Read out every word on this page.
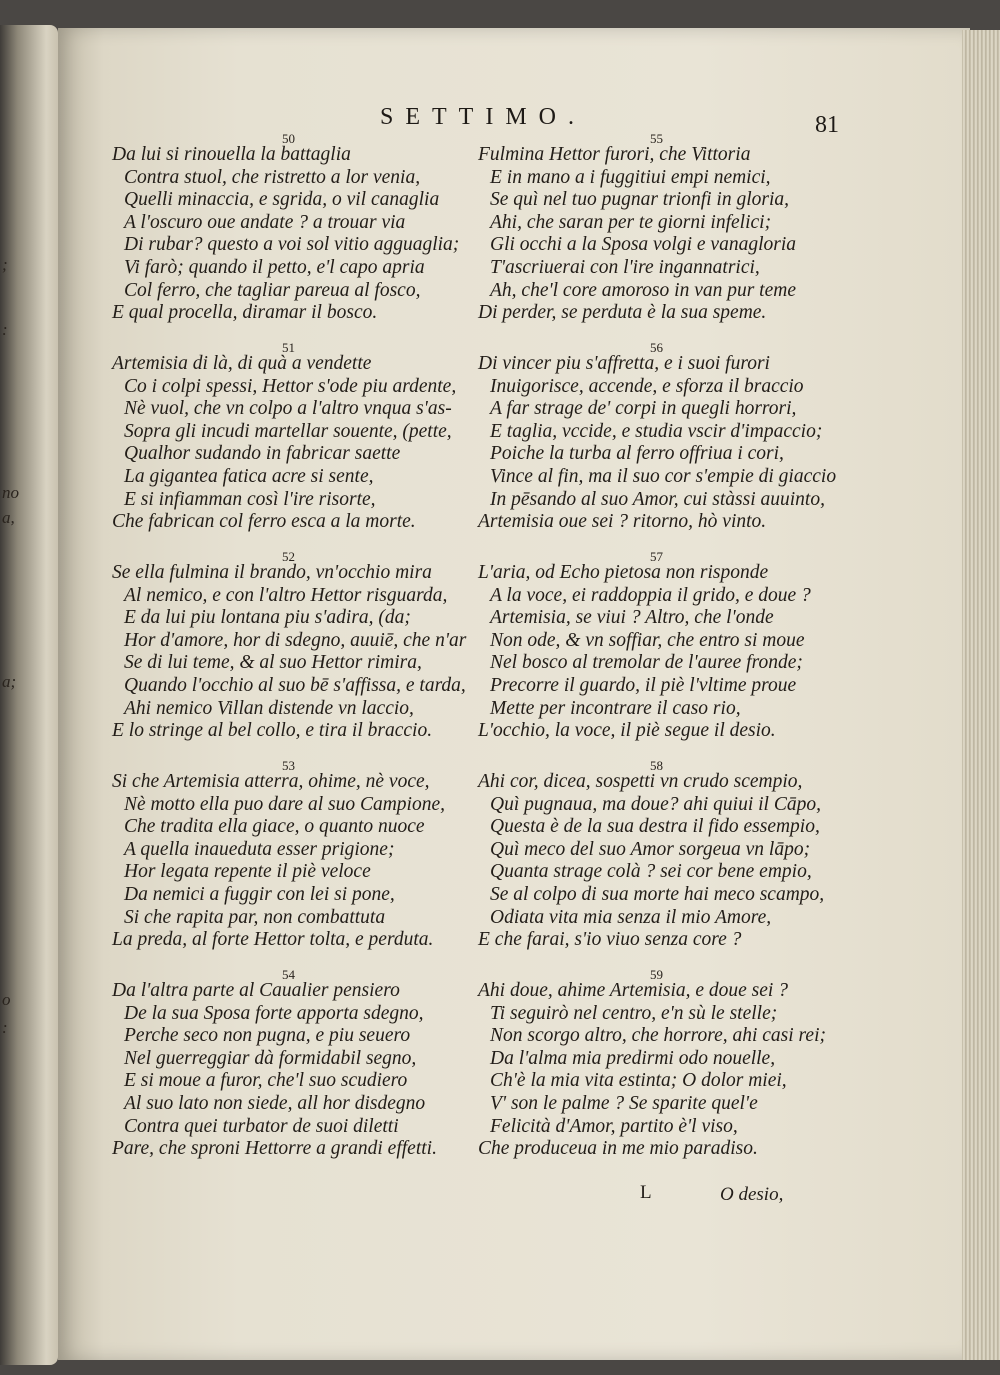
;
:
no
a,
a;
o
:
SETTIMO.	81
50
Da lui si rinouella la battaglia
Contra stuol, che ristretto a lor venia,
Quelli minaccia, e sgrida, o vil canaglia
A l'oscuro oue andate ? a trouar via
Di rubar? questo a voi sol vitio agguaglia;
Vi farò; quando il petto, e'l capo apria
Col ferro, che tagliar pareua al fosco,
E qual procella, diramar il bosco.
51
Artemisia di là, di quà a vendette
Co i colpi spessi, Hettor s'ode piu ardente,
Nè vuol, che vn colpo a l'altro vnqua s'as-
Sopra gli incudi martellar souente, (pette,
Qualhor sudando in fabricar saette
La gigantea fatica acre si sente,
E si infiamman così l'ire risorte,
Che fabrican col ferro esca a la morte.
52
Se ella fulmina il brando, vn'occhio mira
Al nemico, e con l'altro Hettor risguarda,
E da lui piu lontana piu s'adira, (da;
Hor d'amore, hor di sdegno, auuiē, che n'ar
Se di lui teme, & al suo Hettor rimira,
Quando l'occhio al suo bē s'affissa, e tarda,
Ahi nemico Villan distende vn laccio,
E lo stringe al bel collo, e tira il braccio.
53
Si che Artemisia atterra, ohime, nè voce,
Nè motto ella puo dare al suo Campione,
Che tradita ella giace, o quanto nuoce
A quella inaueduta esser prigione;
Hor legata repente il piè veloce
Da nemici a fuggir con lei si pone,
Si che rapita par, non combattuta
La preda, al forte Hettor tolta, e perduta.
54
Da l'altra parte al Caualier pensiero
De la sua Sposa forte apporta sdegno,
Perche seco non pugna, e piu seuero
Nel guerreggiar dà formidabil segno,
E si moue a furor, che'l suo scudiero
Al suo lato non siede, all hor disdegno
Contra quei turbator de suoi diletti
Pare, che sproni Hettorre a grandi effetti.
55
Fulmina Hettor furori, che Vittoria
E in mano a i fuggitiui empi nemici,
Se quì nel tuo pugnar trionfi in gloria,
Ahi, che saran per te giorni infelici;
Gli occhi a la Sposa volgi e vanagloria
T'ascriuerai con l'ire ingannatrici,
Ah, che'l core amoroso in van pur teme
Di perder, se perduta è la sua speme.
56
Di vincer piu s'affretta, e i suoi furori
Inuigorisce, accende, e sforza il braccio
A far strage de' corpi in quegli horrori,
E taglia, vccide, e studia vscir d'impaccio;
Poiche la turba al ferro offriua i cori,
Vince al fin, ma il suo cor s'empie di giaccio
In pēsando al suo Amor, cui stàssi auuinto,
Artemisia oue sei ? ritorno, hò vinto.
57
L'aria, od Echo pietosa non risponde
A la voce, ei raddoppia il grido, e doue ?
Artemisia, se viui ? Altro, che l'onde
Non ode, & vn soffiar, che entro si moue
Nel bosco al tremolar de l'auree fronde;
Precorre il guardo, il piè l'vltime proue
Mette per incontrare il caso rio,
L'occhio, la voce, il piè segue il desio.
58
Ahi cor, dicea, sospetti vn crudo scempio,
Quì pugnaua, ma doue? ahi quiui il Cāpo,
Questa è de la sua destra il fido essempio,
Quì meco del suo Amor sorgeua vn lāpo;
Quanta strage colà ? sei cor bene empio,
Se al colpo di sua morte hai meco scampo,
Odiata vita mia senza il mio Amore,
E che farai, s'io viuo senza core ?
59
Ahi doue, ahime Artemisia, e doue sei ?
Ti seguirò nel centro, e'n sù le stelle;
Non scorgo altro, che horrore, ahi casi rei;
Da l'alma mia predirmi odo nouelle,
Ch'è la mia vita estinta; O dolor miei,
V' son le palme ? Se sparite quel'e
Felicità d'Amor, partito è'l viso,
Che produceua in me mio paradiso.
L	O desio,
